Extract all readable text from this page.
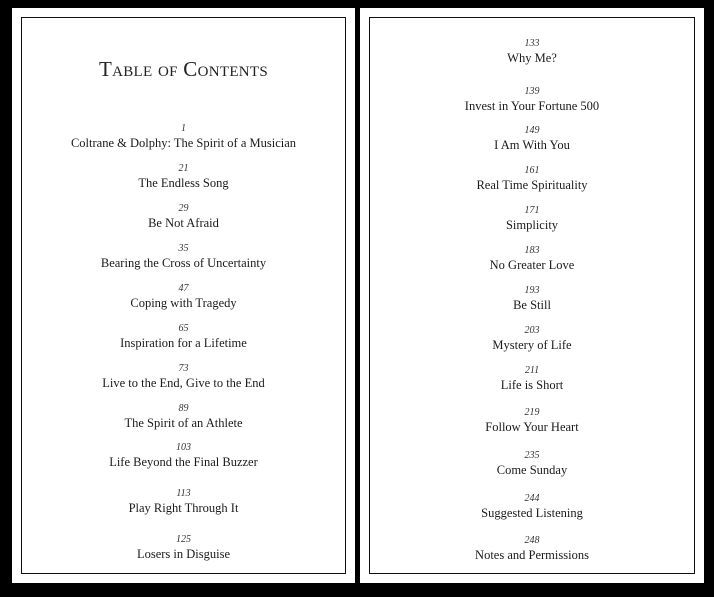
Table of Contents
1
Coltrane & Dolphy: The Spirit of a Musician
21
The Endless Song
29
Be Not Afraid
35
Bearing the Cross of Uncertainty
47
Coping with Tragedy
65
Inspiration for a Lifetime
73
Live to the End, Give to the End
89
The Spirit of an Athlete
103
Life Beyond the Final Buzzer
113
Play Right Through It
125
Losers in Disguise
133
Why Me?
139
Invest in Your Fortune 500
149
I Am With You
161
Real Time Spirituality
171
Simplicity
183
No Greater Love
193
Be Still
203
Mystery of Life
211
Life is Short
219
Follow Your Heart
235
Come Sunday
244
Suggested Listening
248
Notes and Permissions
